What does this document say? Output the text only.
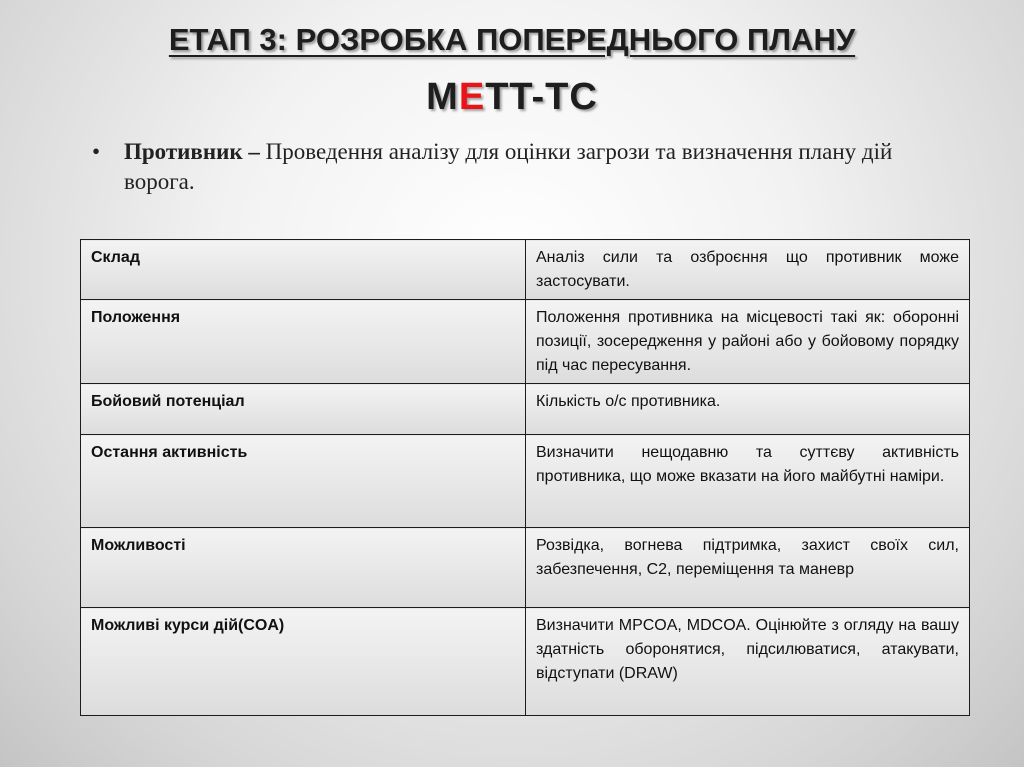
ЕТАП 3: РОЗРОБКА ПОПЕРЕДНЬОГО ПЛАНУ
METT-TC
• Противник – Проведення аналізу для оцінки загрози та визначення плану дій ворога.
Склад	Аналіз сили та озброєння що противник може застосувати.
Положення	Положення противника на місцевості такі як: оборонні позиції, зосередження у районі або у бойовому порядку під час пересування.
Бойовий потенціал	Кількість о/с противника.
Остання активність	Визначити нещодавню та суттєву активність противника, що може вказати на його майбутні наміри.
Можливості	Розвідка, вогнева підтримка, захист своїх сил, забезпечення, C2, переміщення та маневр
Можливі курси дій(COA)	Визначити MPCOA, MDCOA. Оцінюйте з огляду на вашу здатність оборонятися, підсилюватися, атакувати, відступати (DRAW)
